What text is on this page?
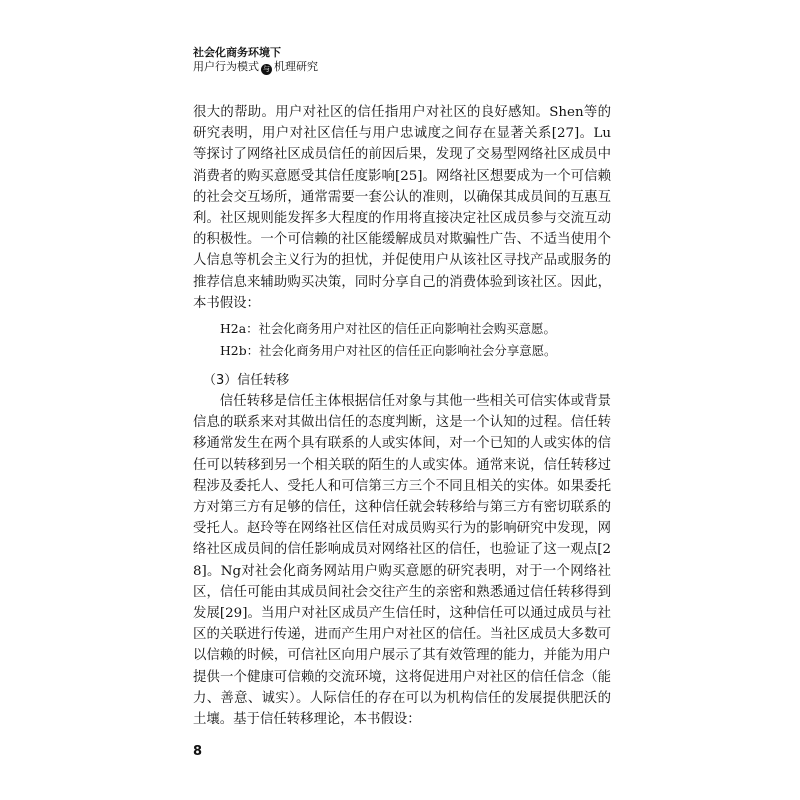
社会化商务环境下
用户行为模式 与 机理研究

很大的帮助。用户对社区的信任指用户对社区的良好感知。Shen等的研究表明，用户对社区信任与用户忠诚度之间存在显著关系[27]。Lu等探讨了网络社区成员信任的前因后果，发现了交易型网络社区成员中消费者的购买意愿受其信任度影响[25]。网络社区想要成为一个可信赖的社会交互场所，通常需要一套公认的准则，以确保其成员间的互惠互利。社区规则能发挥多大程度的作用将直接决定社区成员参与交流互动的积极性。一个可信赖的社区能缓解成员对欺骗性广告、不适当使用个人信息等机会主义行为的担忧，并促使用户从该社区寻找产品或服务的推荐信息来辅助购买决策，同时分享自己的消费体验到该社区。因此，本书假设：

H2a：社会化商务用户对社区的信任正向影响社会购买意愿。

H2b：社会化商务用户对社区的信任正向影响社会分享意愿。

（3）信任转移

信任转移是信任主体根据信任对象与其他一些相关可信实体或背景信息的联系来对其做出信任的态度判断，这是一个认知的过程。信任转移通常发生在两个具有联系的人或实体间，对一个已知的人或实体的信任可以转移到另一个相关联的陌生的人或实体。通常来说，信任转移过程涉及委托人、受托人和可信第三方三个不同且相关的实体。如果委托方对第三方有足够的信任，这种信任就会转移给与第三方有密切联系的受托人。赵玲等在网络社区信任对成员购买行为的影响研究中发现，网络社区成员间的信任影响成员对网络社区的信任，也验证了这一观点[28]。Ng对社会化商务网站用户购买意愿的研究表明，对于一个网络社区，信任可能由其成员间社会交往产生的亲密和熟悉通过信任转移得到发展[29]。当用户对社区成员产生信任时，这种信任可以通过成员与社区的关联进行传递，进而产生用户对社区的信任。当社区成员大多数可以信赖的时候，可信社区向用户展示了其有效管理的能力，并能为用户提供一个健康可信赖的交流环境，这将促进用户对社区的信任信念（能力、善意、诚实）。人际信任的存在可以为机构信任的发展提供肥沃的土壤。基于信任转移理论，本书假设：

8
